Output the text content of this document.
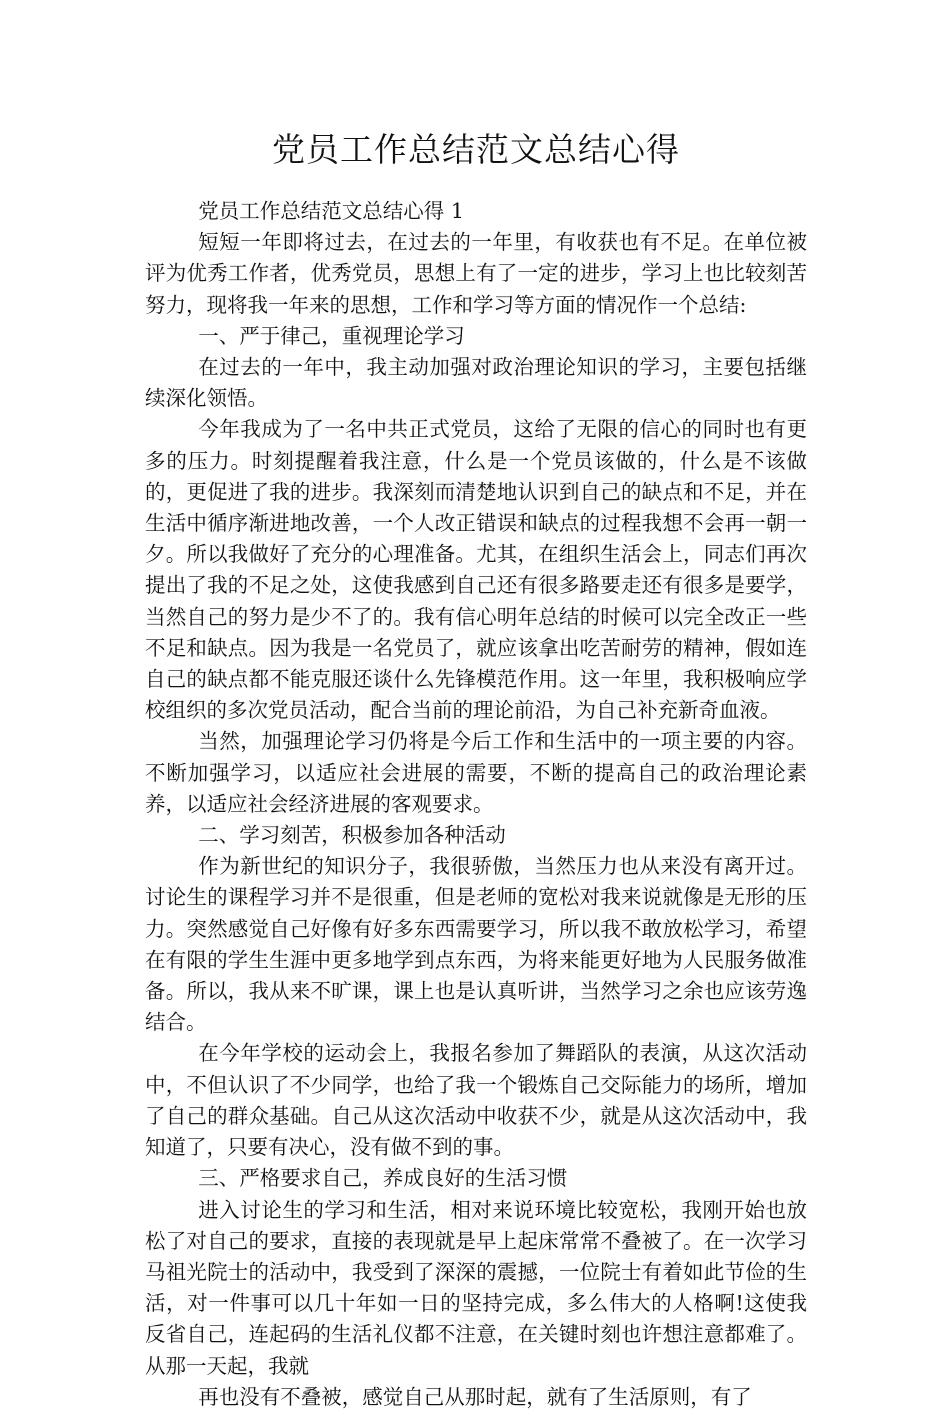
党员工作总结范文总结心得

党员工作总结范文总结心得 1

短短一年即将过去，在过去的一年里，有收获也有不足。在单位被评为优秀工作者，优秀党员，思想上有了一定的进步，学习上也比较刻苦努力，现将我一年来的思想，工作和学习等方面的情况作一个总结:

一、严于律己，重视理论学习

在过去的一年中，我主动加强对政治理论知识的学习，主要包括继续深化领悟。

今年我成为了一名中共正式党员，这给了无限的信心的同时也有更多的压力。时刻提醒着我注意，什么是一个党员该做的，什么是不该做的，更促进了我的进步。我深刻而清楚地认识到自己的缺点和不足，并在生活中循序渐进地改善，一个人改正错误和缺点的过程我想不会再一朝一夕。所以我做好了充分的心理准备。尤其，在组织生活会上，同志们再次提出了我的不足之处，这使我感到自己还有很多路要走还有很多是要学，当然自己的努力是少不了的。我有信心明年总结的时候可以完全改正一些不足和缺点。因为我是一名党员了，就应该拿出吃苦耐劳的精神，假如连自己的缺点都不能克服还谈什么先锋模范作用。这一年里，我积极响应学校组织的多次党员活动，配合当前的理论前沿，为自己补充新奇血液。

当然，加强理论学习仍将是今后工作和生活中的一项主要的内容。不断加强学习，以适应社会进展的需要，不断的提高自己的政治理论素养，以适应社会经济进展的客观要求。

二、学习刻苦，积极参加各种活动

作为新世纪的知识分子，我很骄傲，当然压力也从来没有离开过。讨论生的课程学习并不是很重，但是老师的宽松对我来说就像是无形的压力。突然感觉自己好像有好多东西需要学习，所以我不敢放松学习，希望在有限的学生生涯中更多地学到点东西，为将来能更好地为人民服务做准备。所以，我从来不旷课，课上也是认真听讲，当然学习之余也应该劳逸结合。

在今年学校的运动会上，我报名参加了舞蹈队的表演，从这次活动中，不但认识了不少同学，也给了我一个锻炼自己交际能力的场所，增加了自己的群众基础。自己从这次活动中收获不少，就是从这次活动中，我知道了，只要有决心，没有做不到的事。

三、严格要求自己，养成良好的生活习惯

进入讨论生的学习和生活，相对来说环境比较宽松，我刚开始也放松了对自己的要求，直接的表现就是早上起床常常不叠被了。在一次学习马祖光院士的活动中，我受到了深深的震撼，一位院士有着如此节俭的生活，对一件事可以几十年如一日的坚持完成，多么伟大的人格啊!这使我反省自己，连起码的生活礼仪都不注意，在关键时刻也许想注意都难了。从那一天起，我就

再也没有不叠被，感觉自己从那时起，就有了生活原则，有了
